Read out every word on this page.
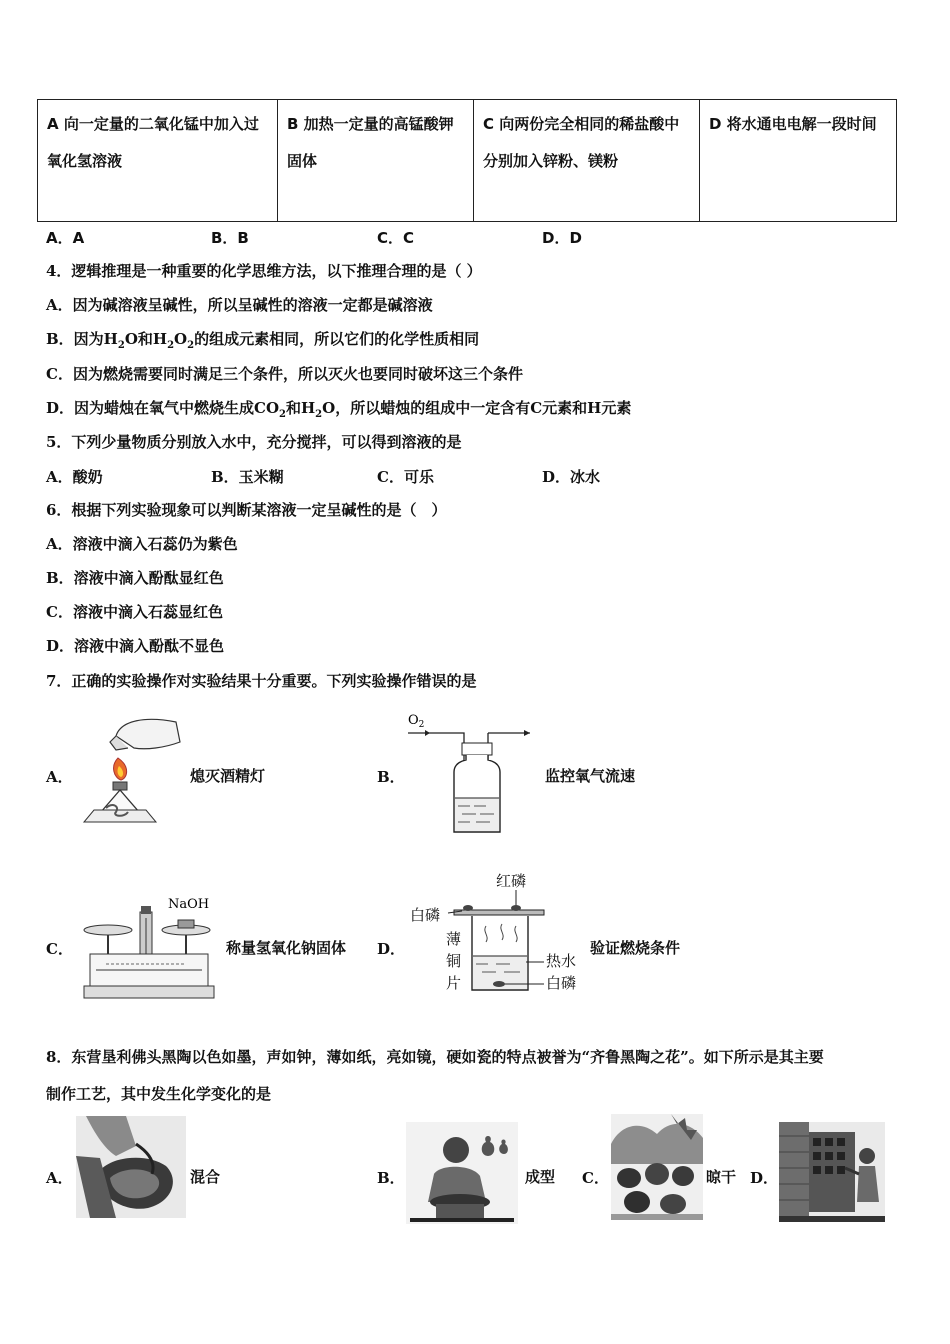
A 向一定量的二氧化锰中加入过氧化氢溶液	B 加热一定量的高锰酸钾固体	C 向两份完全相同的稀盐酸中分别加入锌粉、镁粉	D 将水通电电解一段时间
A．A	B．B	C．C	D．D
4．逻辑推理是一种重要的化学思维方法，以下推理合理的是（ ）
A．因为碱溶液呈碱性，所以呈碱性的溶液一定都是碱溶液
B．因为$H_2O$和$H_2O_2$的组成元素相同，所以它们的化学性质相同
C．因为燃烧需要同时满足三个条件，所以灭火也要同时破坏这三个条件
D．因为蜡烛在氧气中燃烧生成$CO_2$和$H_2O$，所以蜡烛的组成中一定含有C元素和H元素
5．下列少量物质分别放入水中，充分搅拌，可以得到溶液的是
A．酸奶	B．玉米糊	C．可乐	D．冰水
6．根据下列实验现象可以判断某溶液一定呈碱性的是（　）
A．溶液中滴入石蕊仍为紫色
B．溶液中滴入酚酞显红色
C．溶液中滴入石蕊显红色
D．溶液中滴入酚酞不显色
7．正确的实验操作对实验结果十分重要。下列实验操作错误的是
A．	熄灭酒精灯	B．
$O_2$
监控氧气流速
C．
NaOH
称量氢氧化钠固体 D．
红磷
白磷
薄
铜
片
热水
白磷
验证燃烧条件
8．东营垦利佛头黑陶以色如墨，声如钟，薄如纸，亮如镜，硬如瓷的特点被誉为“齐鲁黑陶之花”。如下所示是其主要
制作工艺，其中发生化学变化的是
A．	混合	B．	成型 C．	晾干 D．
